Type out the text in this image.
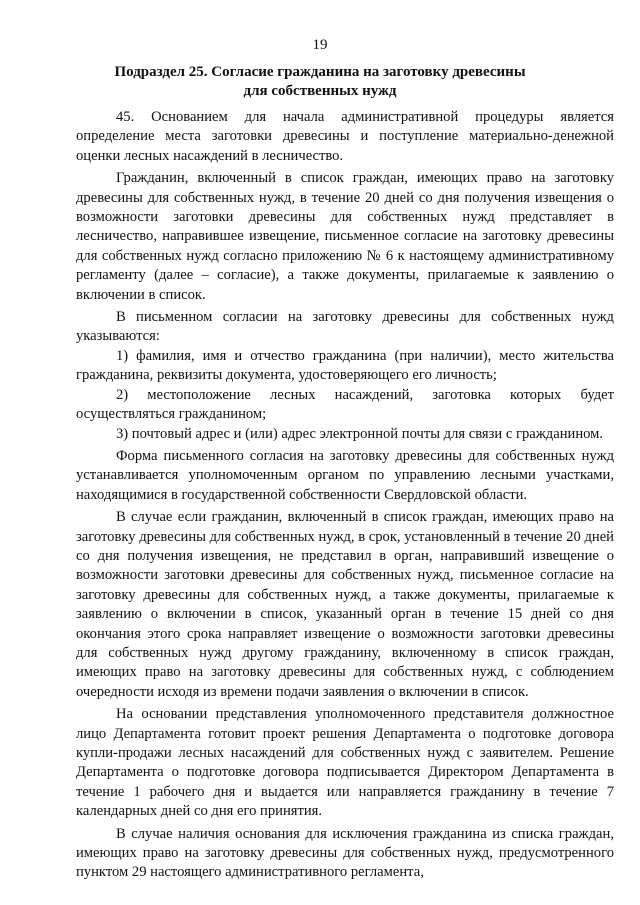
19
Подраздел 25. Согласие гражданина на заготовку древесины
для собственных нужд

45. Основанием для начала административной процедуры является определение места заготовки древесины и поступление материально-денежной оценки лесных насаждений в лесничество.

Гражданин, включенный в список граждан, имеющих право на заготовку древесины для собственных нужд, в течение 20 дней со дня получения извещения о возможности заготовки древесины для собственных нужд представляет в лесничество, направившее извещение, письменное согласие на заготовку древесины для собственных нужд согласно приложению № 6 к настоящему административному регламенту (далее – согласие), а также документы, прилагаемые к заявлению о включении в список.

В письменном согласии на заготовку древесины для собственных нужд указываются:

1) фамилия, имя и отчество гражданина (при наличии), место жительства гражданина, реквизиты документа, удостоверяющего его личность;

2) местоположение лесных насаждений, заготовка которых будет осуществляться гражданином;

3) почтовый адрес и (или) адрес электронной почты для связи с гражданином.

Форма письменного согласия на заготовку древесины для собственных нужд устанавливается уполномоченным органом по управлению лесными участками, находящимися в государственной собственности Свердловской области.

В случае если гражданин, включенный в список граждан, имеющих право на заготовку древесины для собственных нужд, в срок, установленный в течение 20 дней со дня получения извещения, не представил в орган, направивший извещение о возможности заготовки древесины для собственных нужд, письменное согласие на заготовку древесины для собственных нужд, а также документы, прилагаемые к заявлению о включении в список, указанный орган в течение 15 дней со дня окончания этого срока направляет извещение о возможности заготовки древесины для собственных нужд другому гражданину, включенному в список граждан, имеющих право на заготовку древесины для собственных нужд, с соблюдением очередности исходя из времени подачи заявления о включении в список.

На основании представления уполномоченного представителя должностное лицо Департамента готовит проект решения Департамента о подготовке договора купли-продажи лесных насаждений для собственных нужд с заявителем. Решение Департамента о подготовке договора подписывается Директором Департамента в течение 1 рабочего дня и выдается или направляется гражданину в течение 7 календарных дней со дня его принятия.

В случае наличия основания для исключения гражданина из списка граждан, имеющих право на заготовку древесины для собственных нужд, предусмотренного пунктом 29 настоящего административного регламента,
